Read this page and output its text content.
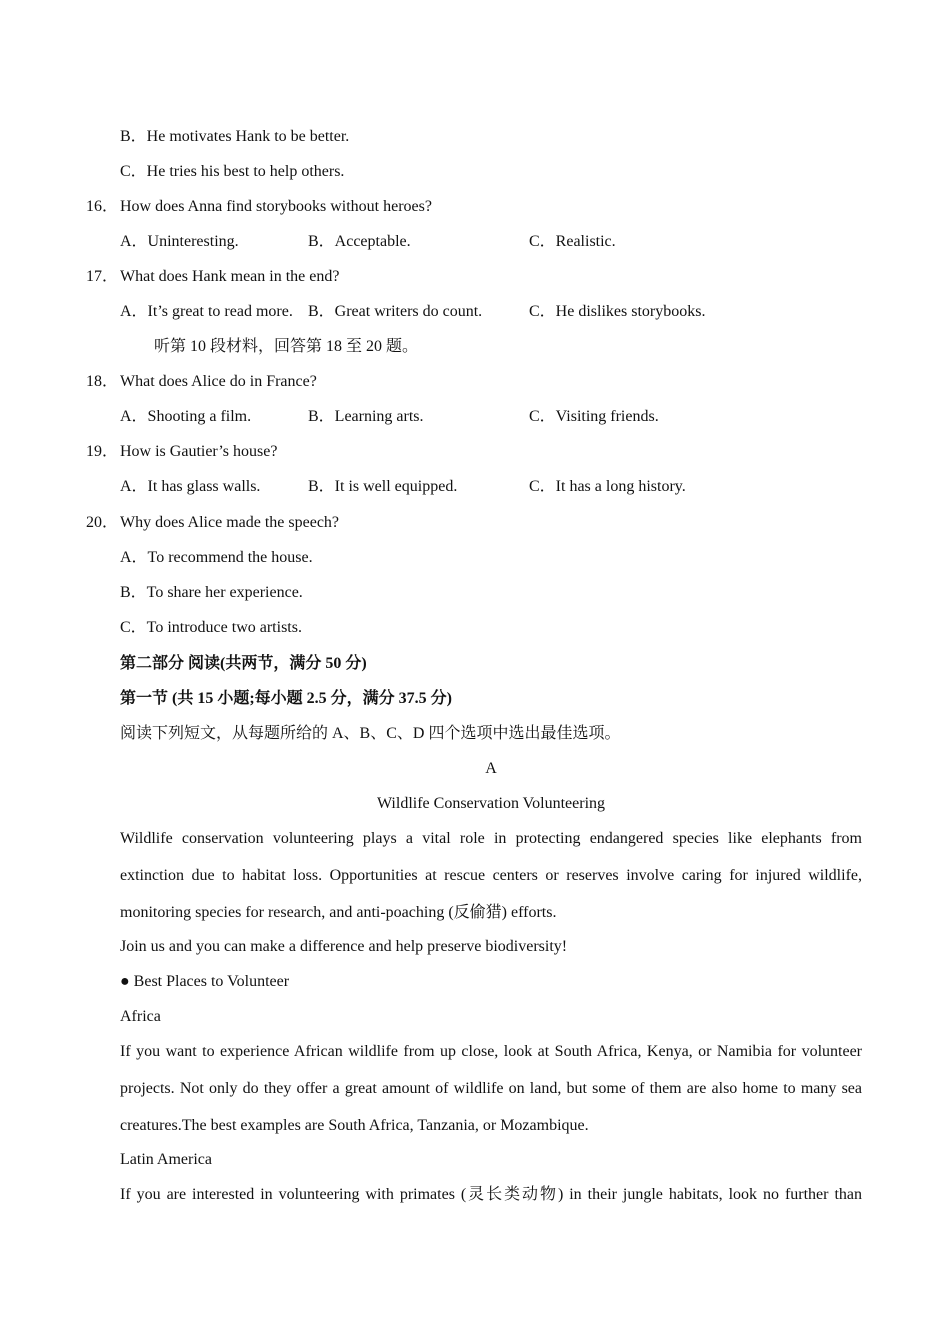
B．He motivates Hank to be better.
C．He tries his best to help others.
16． How does Anna find storybooks without heroes?
A．Uninteresting.	B．Acceptable.	C．Realistic.
17． What does Hank mean in the end?
A．It’s great to read more. B．Great writers do count.	C．He dislikes storybooks.
听第 10 段材料，回答第 18 至 20 题。
18． What does Alice do in France?
A．Shooting a film.	B．Learning arts.	C．Visiting friends.
19． How is Gautier’s house?
A．It has glass walls.	B．It is well equipped.	C．It has a long history.
20． Why does Alice made the speech?
A．To recommend the house.
B．To share her experience.
C．To introduce two artists.
第二部分 阅读(共两节，满分 50 分)
第一节 (共 15 小题;每小题 2.5 分，满分 37.5 分)
阅读下列短文，从每题所给的 A、B、C、D 四个选项中选出最佳选项。
A
Wildlife Conservation Volunteering
Wildlife conservation volunteering plays a vital role in protecting endangered species like elephants from extinction due to habitat loss. Opportunities at rescue centers or reserves involve caring for injured wildlife, monitoring species for research, and anti-poaching (反偷猎) efforts.
Join us and you can make a difference and help preserve biodiversity!
● Best Places to Volunteer
Africa
If you want to experience African wildlife from up close, look at South Africa, Kenya, or Namibia for volunteer projects. Not only do they offer a great amount of wildlife on land, but some of them are also home to many sea creatures.The best examples are South Africa, Tanzania, or Mozambique.
Latin America
If you are interested in volunteering with primates (灵长类动物) in their jungle habitats, look no further than
